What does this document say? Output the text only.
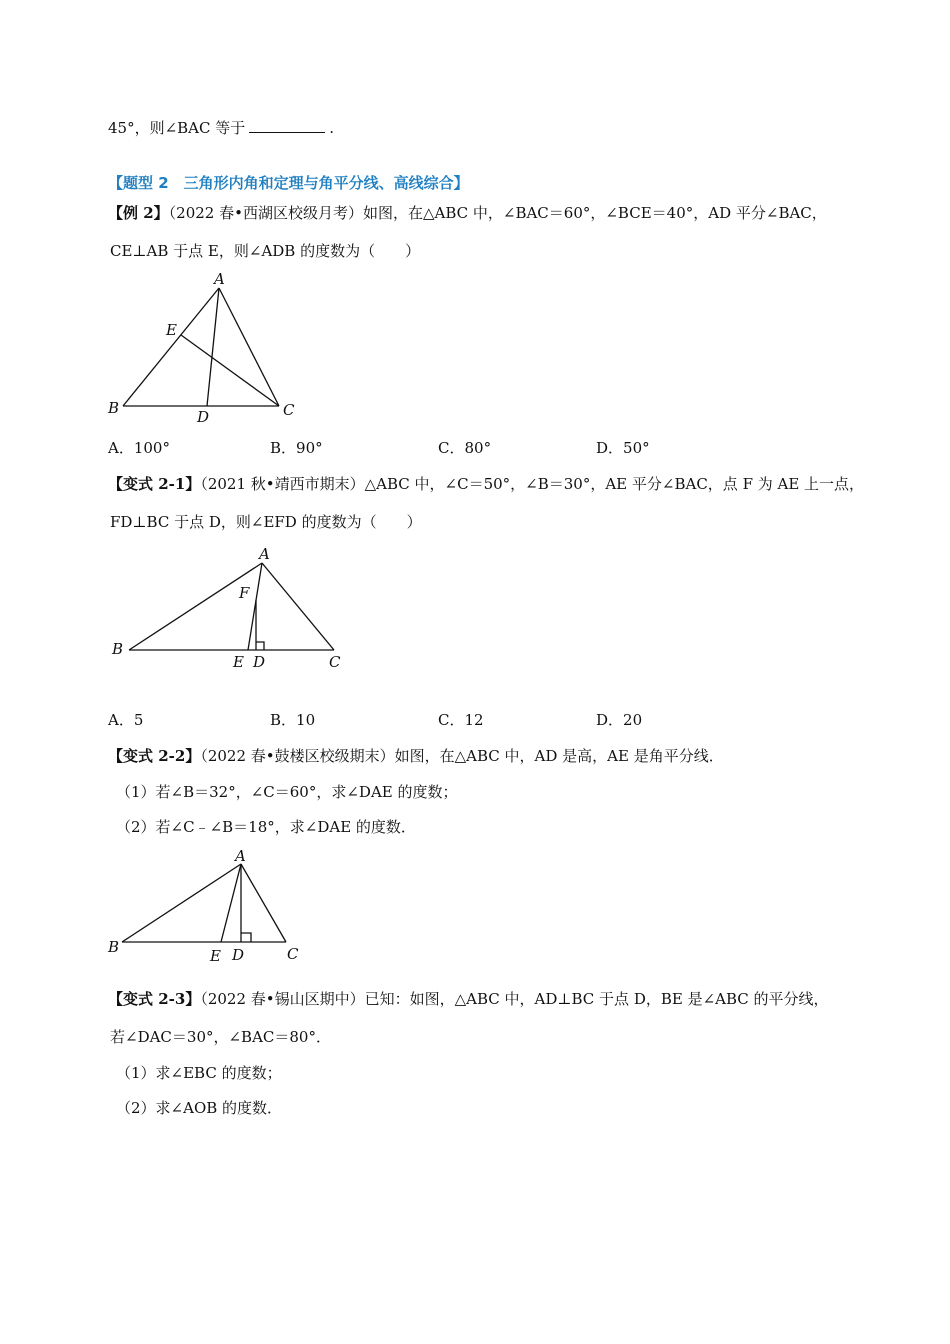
45°，则∠BAC 等于	.
【题型 2　三角形内角和定理与角平分线、高线综合】
【例 2】（2022 春•西湖区校级月考）如图，在△ABC 中，∠BAC＝60°，∠BCE＝40°，AD 平分∠BAC，
CE⊥AB 于点 E，则∠ADB 的度数为（　　）
A
B	C
D
E
A
B
C
D
E
F
A
B	C
D
E
A．100°	B．90°	C．80°	D．50°
【变式 2-1】（2021 秋•靖西市期末）△ABC 中，∠C＝50°，∠B＝30°，AE 平分∠BAC，点 F 为 AE 上一点，
FD⊥BC 于点 D，则∠EFD 的度数为（　　）
A．5	B．10	C．12	D．20
【变式 2-2】（2022 春•鼓楼区校级期末）如图，在△ABC 中，AD 是高，AE 是角平分线．
（1）若∠B＝32°，∠C＝60°，求∠DAE 的度数；
（2）若∠C﹣∠B＝18°，求∠DAE 的度数．
【变式 2-3】（2022 春•锡山区期中）已知：如图，△ABC 中，AD⊥BC 于点 D，BE 是∠ABC 的平分线，
若∠DAC＝30°，∠BAC＝80°．
（1）求∠EBC 的度数；
（2）求∠AOB 的度数．
